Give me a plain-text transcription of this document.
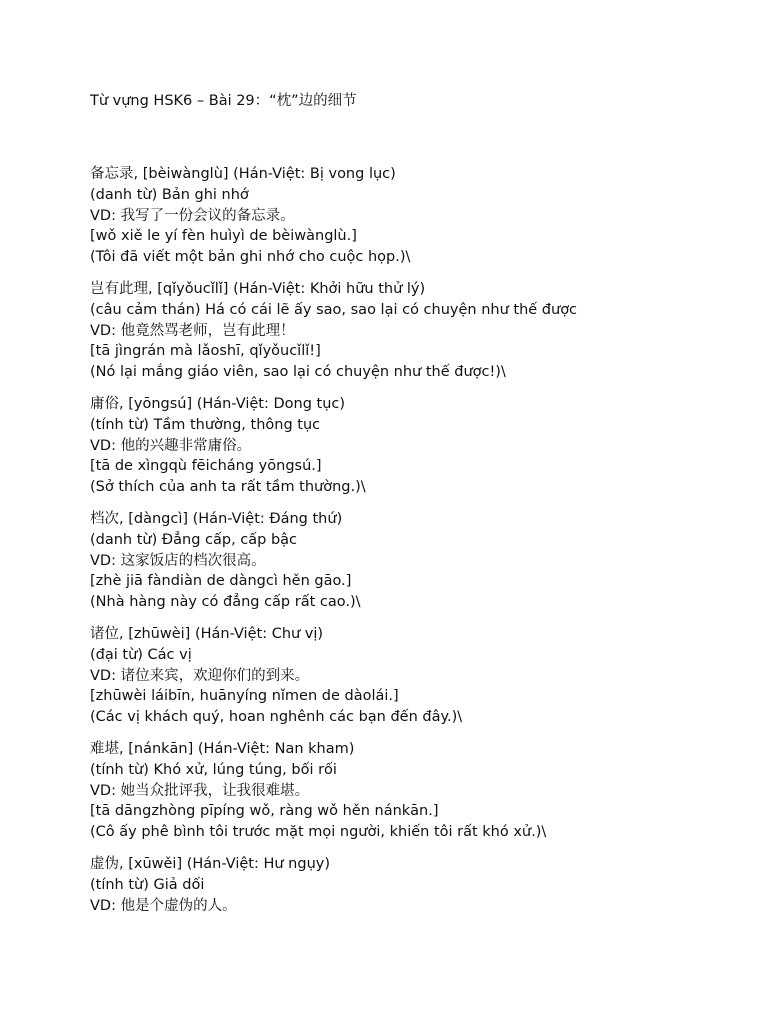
Từ vựng HSK6 – Bài 29：“枕”边的细节
备忘录, [bèiwànglù] (Hán-Việt: Bị vong lục)
(danh từ) Bản ghi nhớ
VD: 我写了一份会议的备忘录。
[wǒ xiě le yí fèn huìyì de bèiwànglù.]
(Tôi đã viết một bản ghi nhớ cho cuộc họp.)\
岂有此理, [qǐyǒucǐlǐ] (Hán-Việt: Khởi hữu thử lý)
(câu cảm thán) Há có cái lẽ ấy sao, sao lại có chuyện như thế được
VD: 他竟然骂老师，岂有此理！
[tā jìngrán mà lǎoshī, qǐyǒucǐlǐ!]
(Nó lại mắng giáo viên, sao lại có chuyện như thế được!)\
庸俗, [yōngsú] (Hán-Việt: Dong tục)
(tính từ) Tầm thường, thông tục
VD: 他的兴趣非常庸俗。
[tā de xìngqù fēicháng yōngsú.]
(Sở thích của anh ta rất tầm thường.)\
档次, [dàngcì] (Hán-Việt: Đáng thứ)
(danh từ) Đẳng cấp, cấp bậc
VD: 这家饭店的档次很高。
[zhè jiā fàndiàn de dàngcì hěn gāo.]
(Nhà hàng này có đẳng cấp rất cao.)\
诸位, [zhūwèi] (Hán-Việt: Chư vị)
(đại từ) Các vị
VD: 诸位来宾，欢迎你们的到来。
[zhūwèi láibīn, huānyíng nǐmen de dàolái.]
(Các vị khách quý, hoan nghênh các bạn đến đây.)\
难堪, [nánkān] (Hán-Việt: Nan kham)
(tính từ) Khó xử, lúng túng, bối rối
VD: 她当众批评我，让我很难堪。
[tā dāngzhòng pīpíng wǒ, ràng wǒ hěn nánkān.]
(Cô ấy phê bình tôi trước mặt mọi người, khiến tôi rất khó xử.)\
虚伪, [xūwěi] (Hán-Việt: Hư ngụy)
(tính từ) Giả dối
VD: 他是个虚伪的人。
